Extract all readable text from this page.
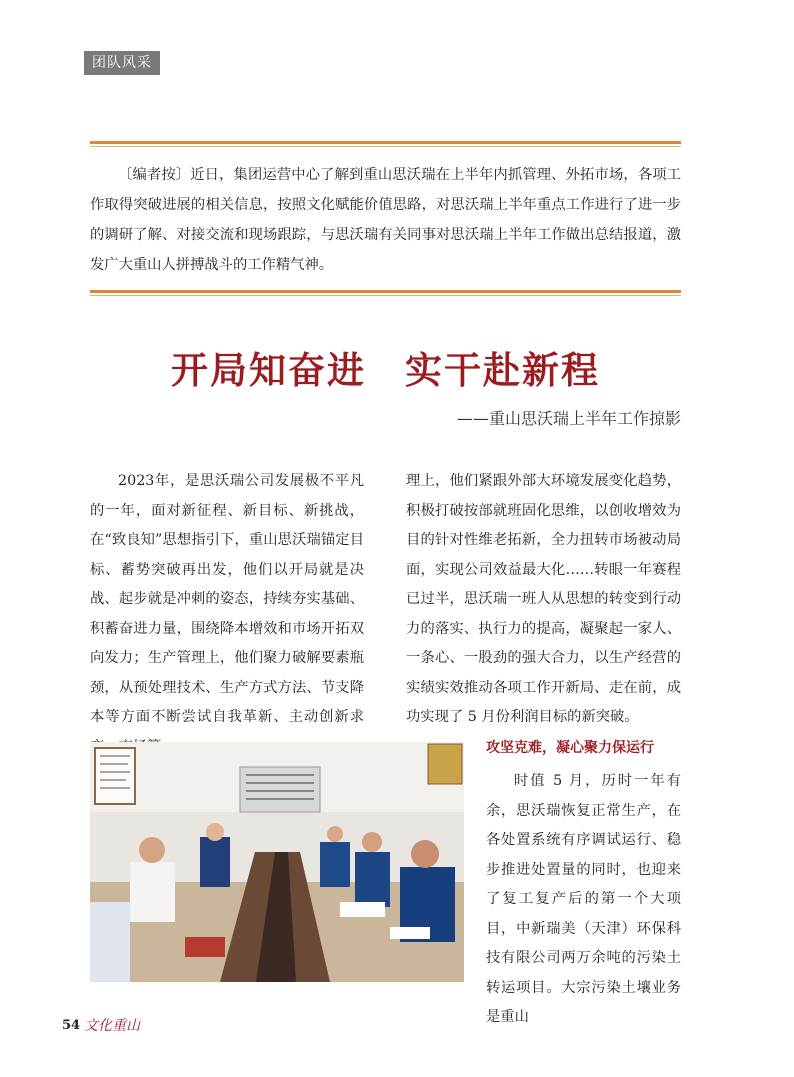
团队风采

〔编者按〕近日，集团运营中心了解到重山思沃瑞在上半年内抓管理、外拓市场，各项工作取得突破进展的相关信息，按照文化赋能价值思路，对思沃瑞上半年重点工作进行了进一步的调研了解、对接交流和现场跟踪，与思沃瑞有关同事对思沃瑞上半年工作做出总结报道，激发广大重山人拼搏战斗的工作精气神。

开局知奋进　实干赴新程

——重山思沃瑞上半年工作掠影

2023年，是思沃瑞公司发展极不平凡的一年，面对新征程、新目标、新挑战，在“致良知”思想指引下，重山思沃瑞锚定目标、蓄势突破再出发，他们以开局就是决战、起步就是冲刺的姿态，持续夯实基础、积蓄奋进力量，围绕降本增效和市场开拓双向发力；生产管理上，他们聚力破解要素瓶颈，从预处理技术、生产方式方法、节支降本等方面不断尝试自我革新、主动创新求

理上，他们紧跟外部大环境发展变化趋势，积极打破按部就班固化思维，以创收增效为目的针对性维老拓新，全力扭转市场被动局面，实现公司效益最大化……转眼一年赛程已过半，思沃瑞一班人从思想的转变到行动力的落实、执行力的提高，凝聚起一家人、一条心、一股劲的强大合力，以生产经营的实绩实效推动各项工作开新局、走在前，成功实现了 5 月份利润目标的新突破。

攻坚克难，凝心聚力保运行

时值 5 月，历时一年有余，思沃瑞恢复正常生产，在各处置系统有序调试运行、稳步推进处置量的同时，也迎来了复工复产后的第一个大项目，中新瑞美（天津）环保科技有限公司两万余吨的污染土转运项目。大宗污染土壤业务是重山

54 文化重山
